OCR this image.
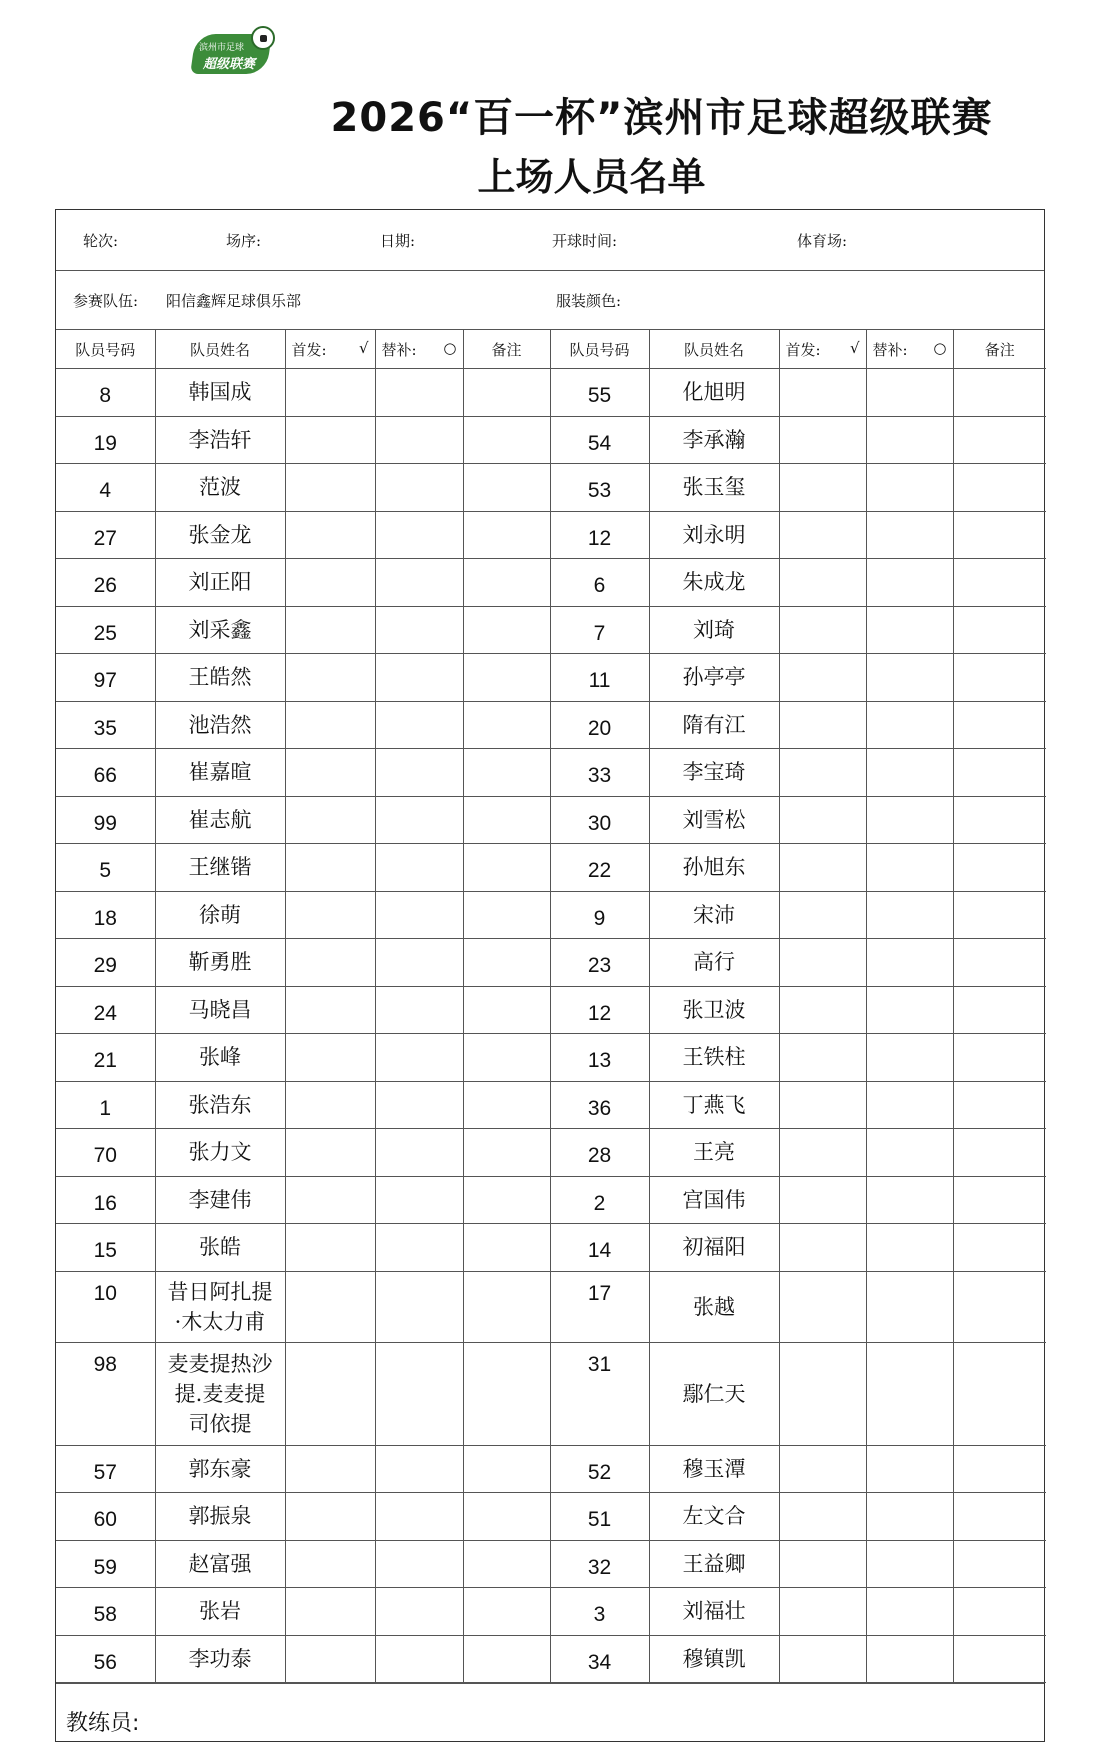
滨州市足球
超级联赛
2026“百一杯”滨州市足球超级联赛
上场人员名单
轮次:	场序:	日期:	开球时间:	体育场:
参赛队伍: 阳信鑫辉足球俱乐部	服装颜色:
队员号码	队员姓名	首发: √	替补: ○	备注	队员号码	队员姓名	首发: √	替补: ○	备注
8	韩国成				55	化旭明			
19	李浩轩				54	李承瀚			
4	范波				53	张玉玺			
27	张金龙				12	刘永明			
26	刘正阳				6	朱成龙			
25	刘采鑫				7	刘琦			
97	王皓然				11	孙亭亭			
35	池浩然				20	隋有江			
66	崔嘉暄				33	李宝琦			
99	崔志航				30	刘雪松			
5	王继锴				22	孙旭东			
18	徐萌				9	宋沛			
29	靳勇胜				23	高行			
24	马晓昌				12	张卫波			
21	张峰				13	王铁柱			
1	张浩东				36	丁燕飞			
70	张力文				28	王亮			
16	李建伟				2	宫国伟			
15	张皓				14	初福阳			
10	昔日阿扎提
·木太力甫				17	张越			
98	麦麦提热沙
提.麦麦提
司依提				31	鄢仁天			
57	郭东豪				52	穆玉潭			
60	郭振泉				51	左文合			
59	赵富强				32	王益卿			
58	张岩				3	刘福壮			
56	李功泰				34	穆镇凯			
教练员:
